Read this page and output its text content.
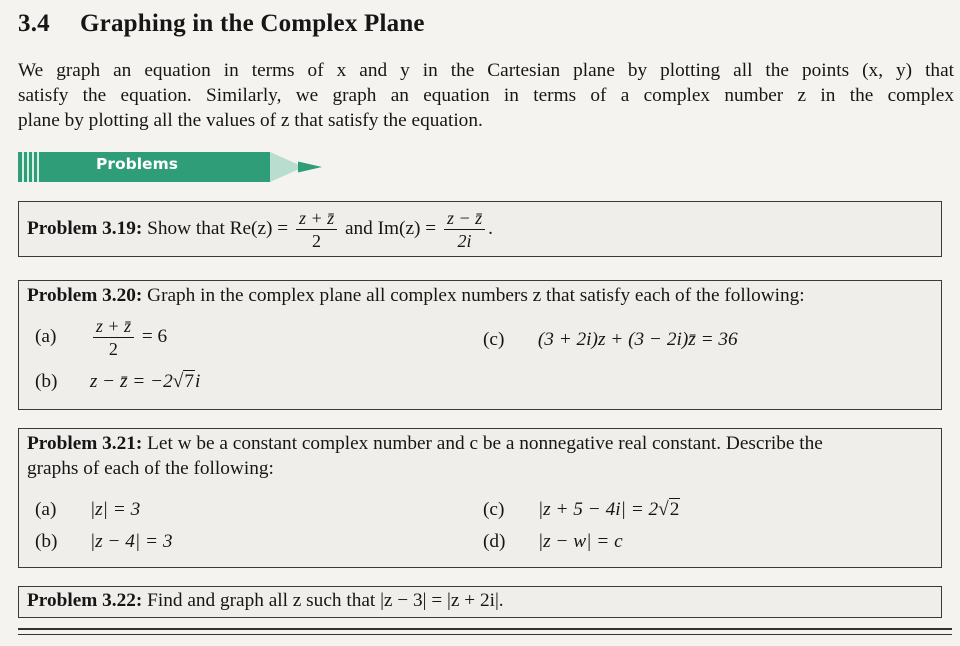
3.4 Graphing in the Complex Plane
We graph an equation in terms of x and y in the Cartesian plane by plotting all the points (x, y) that
satisfy the equation. Similarly, we graph an equation in terms of a complex number z in the complex
plane by plotting all the values of z that satisfy the equation.
Problems
Problem 3.19: Show that $Re(z) = \frac{z + z̄}{2}$ and $Im(z) = \frac{z - z̄}{2i}$ .
Problem 3.20: Graph in the complex plane all complex numbers z that satisfy each of the following:
$(a) \frac{z + z̄}{2} = 6$	(c) (3 + 2i)z + (3 − 2i)z̄ = 36
(b) z − z̄ = −2√7i
Problem 3.21: Let w be a constant complex number and c be a nonnegative real constant. Describe the
graphs of each of the following:
(a) |z| = 3	(c) |z + 5 − 4i| = 2√2
(b) |z − 4| = 3	(d) |z − w| = c
Problem 3.22: Find and graph all z such that |z − 3| = |z + 2i|.
